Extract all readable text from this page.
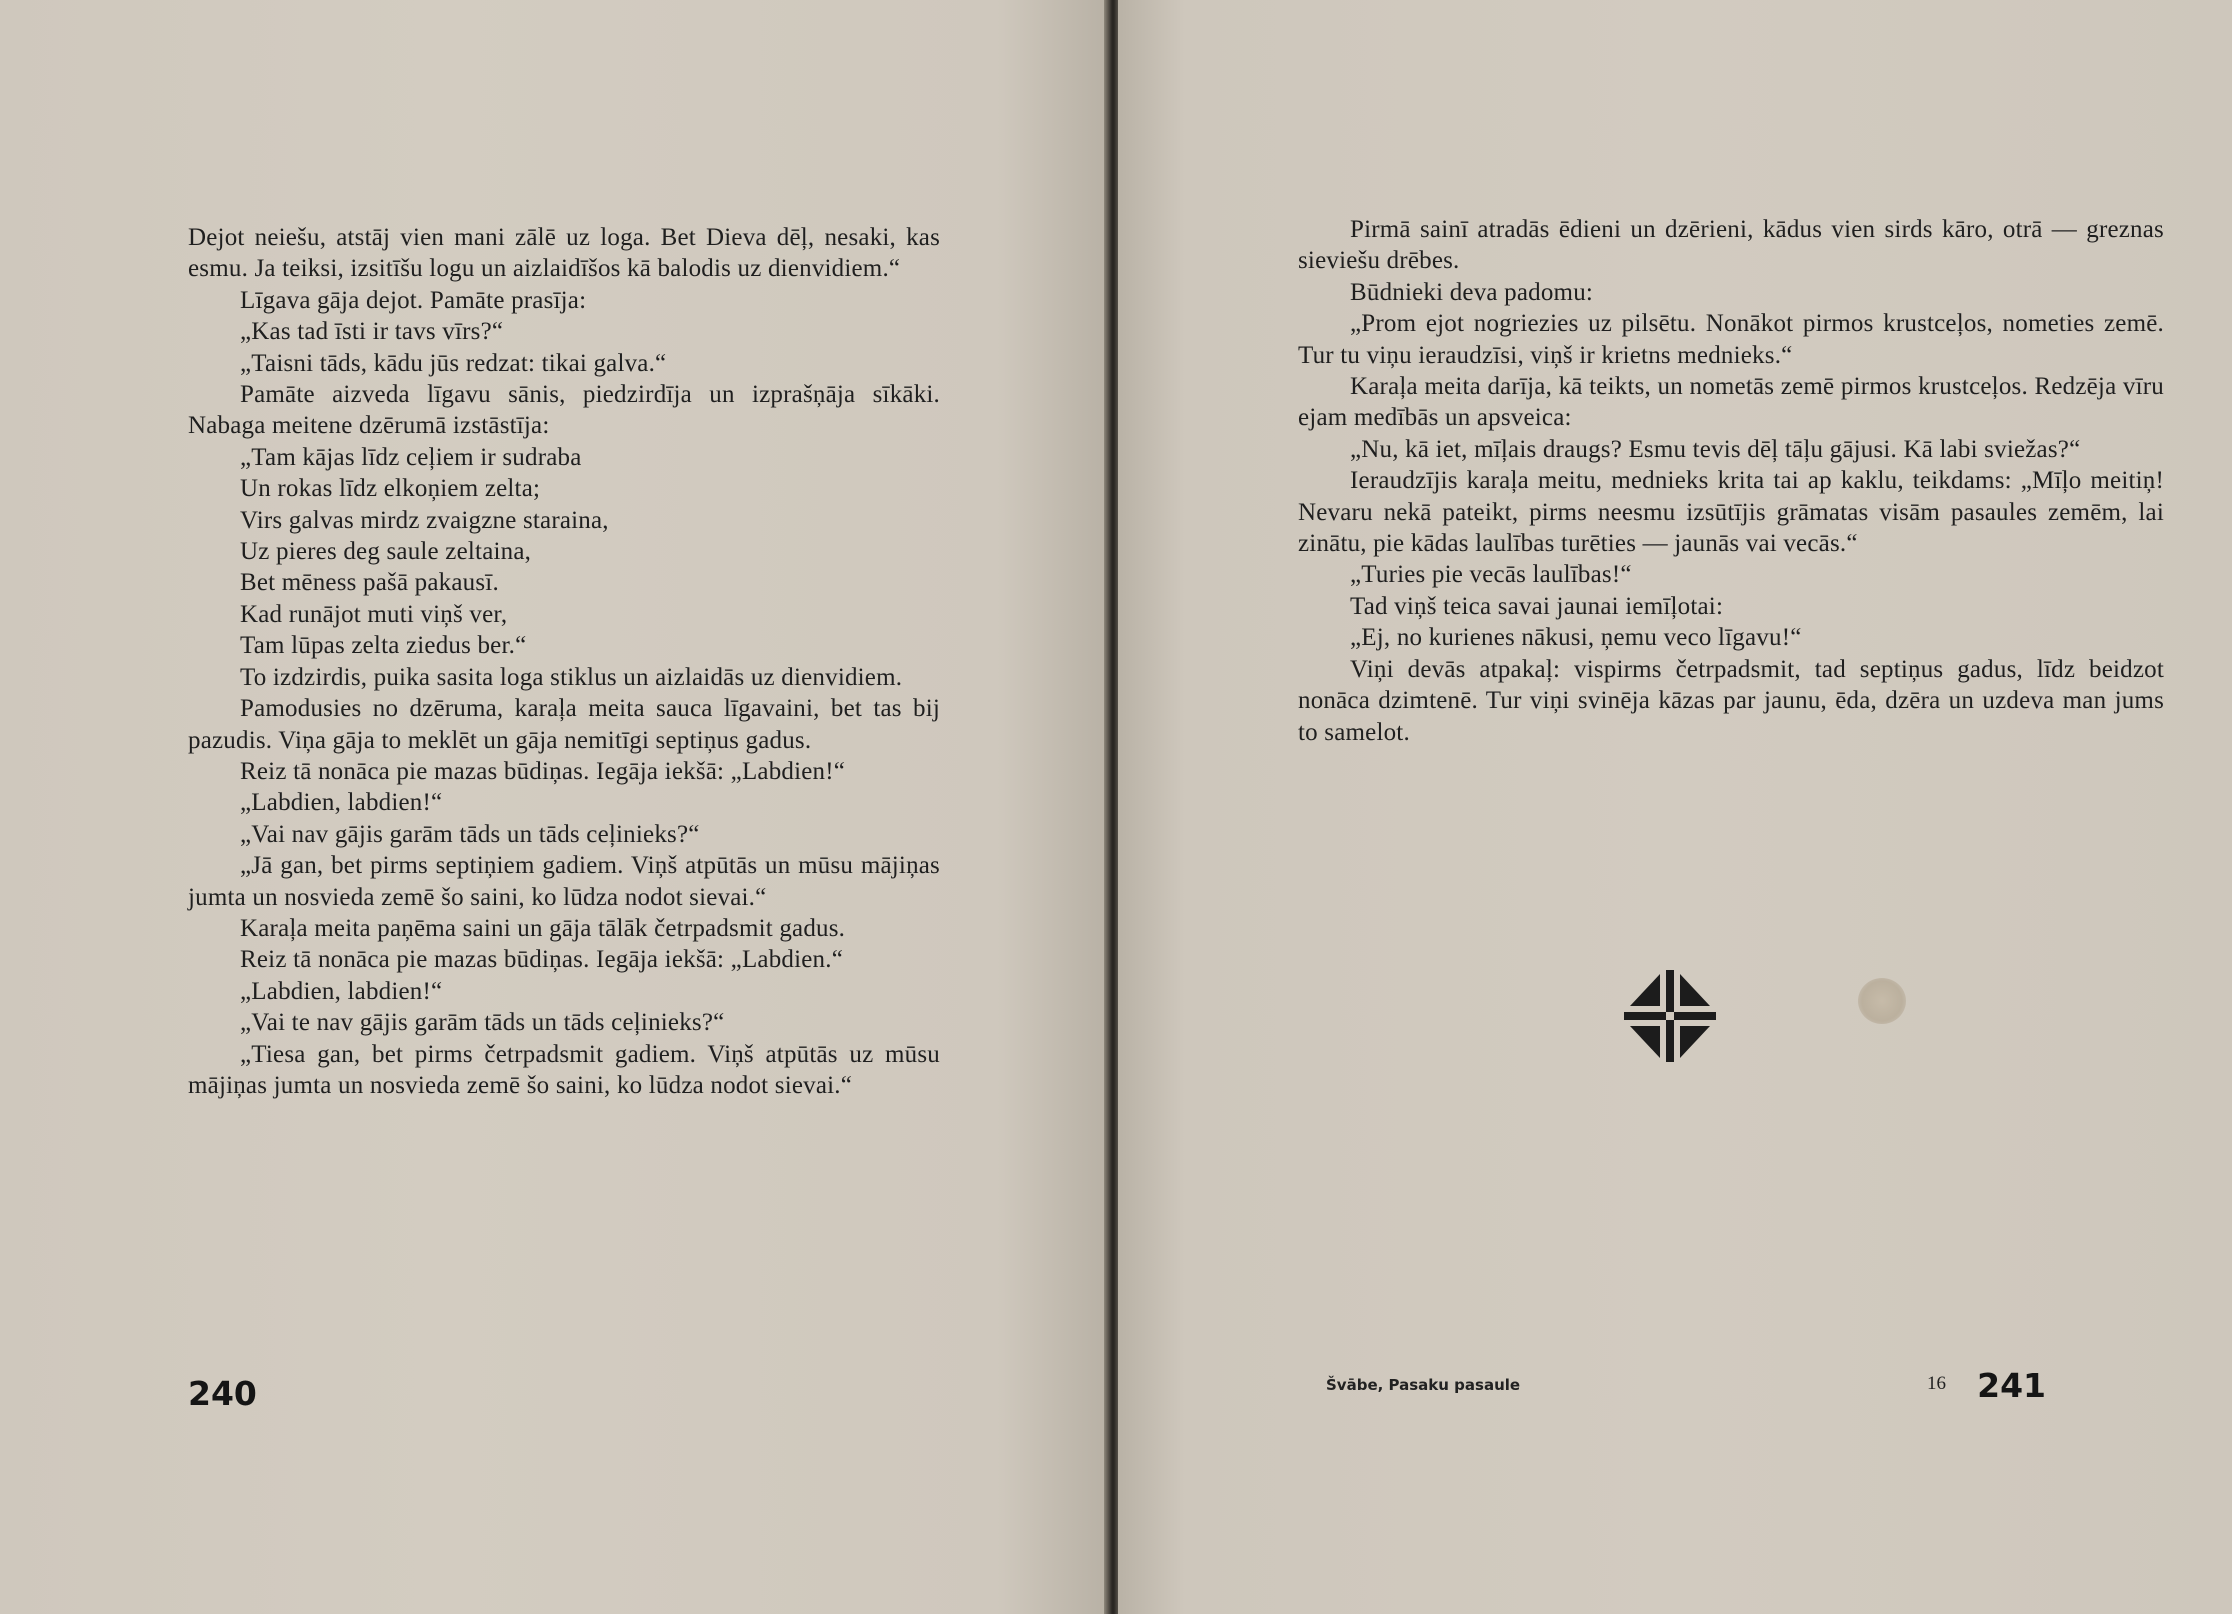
Dejot neiešu, atstāj vien mani zālē uz loga. Bet Dieva dēļ, nesaki, kas esmu. Ja teiksi, izsitīšu logu un aizlaidīšos kā balodis uz dienvidiem.“

Līgava gāja dejot. Pamāte prasīja:

„Kas tad īsti ir tavs vīrs?“

„Taisni tāds, kādu jūs redzat: tikai galva.“

Pamāte aizveda līgavu sānis, piedzirdīja un izprašņāja sīkāki. Nabaga meitene dzērumā izstāstīja:

„Tam kājas līdz ceļiem ir sudraba

Un rokas līdz elkoņiem zelta;

Virs galvas mirdz zvaigzne staraina,

Uz pieres deg saule zeltaina,

Bet mēness pašā pakausī.

Kad runājot muti viņš ver,

Tam lūpas zelta ziedus ber.“

To izdzirdis, puika sasita loga stiklus un aizlaidās uz dienvidiem.

Pamodusies no dzēruma, karaļa meita sauca līgavaini, bet tas bij pazudis. Viņa gāja to meklēt un gāja nemitīgi septiņus gadus.

Reiz tā nonāca pie mazas būdiņas. Iegāja iekšā: „Labdien!“

„Labdien, labdien!“

„Vai nav gājis garām tāds un tāds ceļinieks?“

„Jā gan, bet pirms septiņiem gadiem. Viņš atpūtās un mūsu mājiņas jumta un nosvieda zemē šo saini, ko lūdza nodot sievai.“

Karaļa meita paņēma saini un gāja tālāk četrpadsmit gadus.

Reiz tā nonāca pie mazas būdiņas. Iegāja iekšā: „Labdien.“

„Labdien, labdien!“

„Vai te nav gājis garām tāds un tāds ceļinieks?“

„Tiesa gan, bet pirms četrpadsmit gadiem. Viņš atpūtās uz mūsu mājiņas jumta un nosvieda zemē šo saini, ko lūdza nodot sievai.“

240

Pirmā sainī atradās ēdieni un dzērieni, kādus vien sirds kāro, otrā — greznas sieviešu drēbes.

Būdnieki deva padomu:

„Prom ejot nogriezies uz pilsētu. Nonākot pirmos krustceļos, nometies zemē. Tur tu viņu ieraudzīsi, viņš ir krietns mednieks.“

Karaļa meita darīja, kā teikts, un nometās zemē pirmos krustceļos. Redzēja vīru ejam medībās un apsveica:

„Nu, kā iet, mīļais draugs? Esmu tevis dēļ tāļu gājusi. Kā labi sviežas?“

Ieraudzījis karaļa meitu, mednieks krita tai ap kaklu, teikdams: „Mīļo meitiņ! Nevaru nekā pateikt, pirms neesmu izsūtījis grāmatas visām pasaules zemēm, lai zinātu, pie kādas laulības turēties — jaunās vai vecās.“

„Turies pie vecās laulības!“

Tad viņš teica savai jaunai iemīļotai:

„Ej, no kurienes nākusi, ņemu veco līgavu!“

Viņi devās atpakaļ: vispirms četrpadsmit, tad septiņus gadus, līdz beidzot nonāca dzimtenē. Tur viņi svinēja kāzas par jaunu, ēda, dzēra un uzdeva man jums to samelot.

Švābe, Pasaku pasaule	16 241
